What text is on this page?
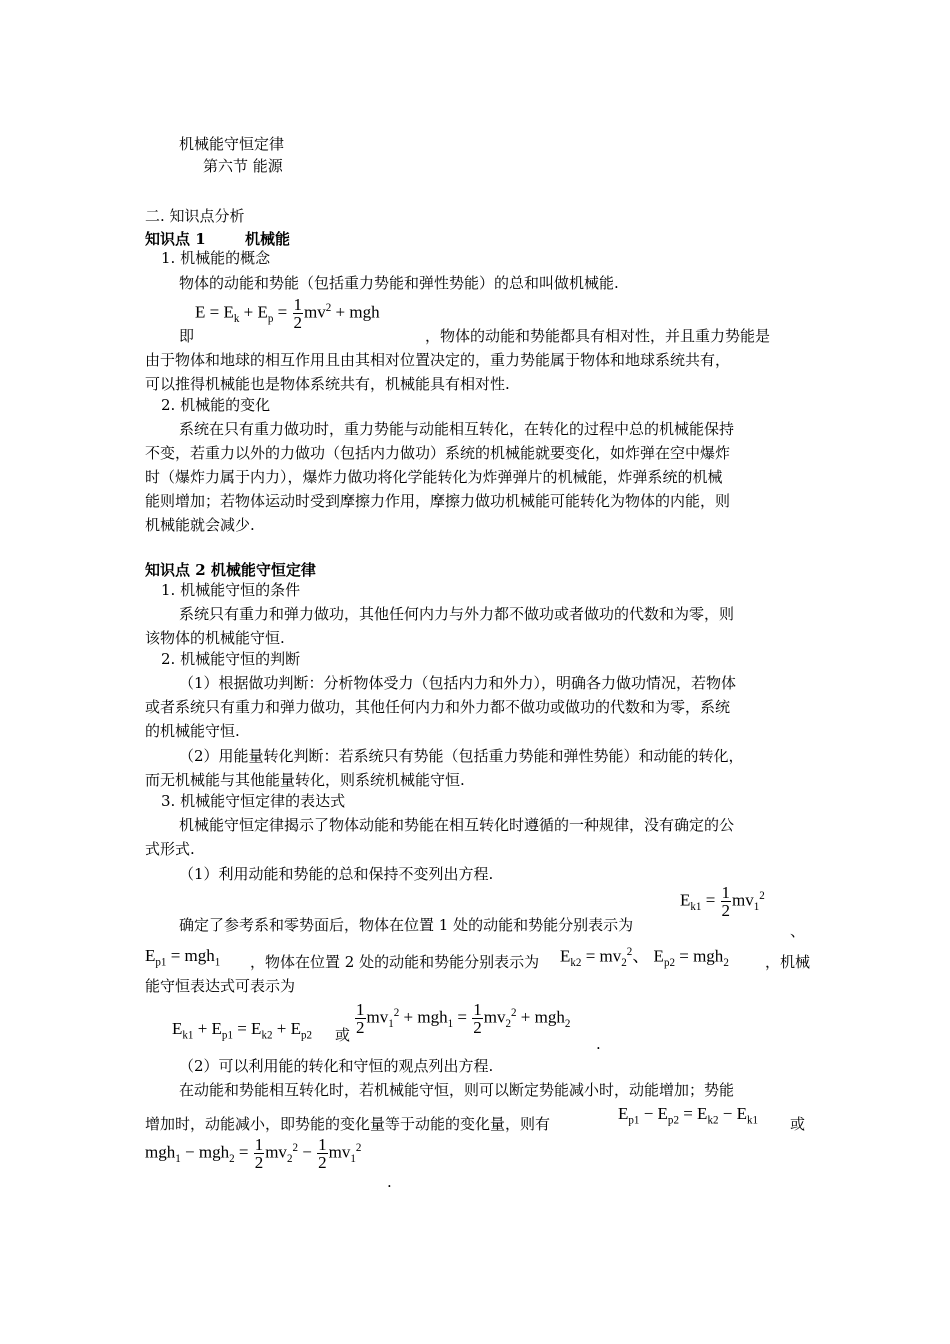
机械能守恒定律
第六节 能源
二. 知识点分析
知识点 1	机械能
1. 机械能的概念
物体的动能和势能（包括重力势能和弹性势能）的总和叫做机械能.
$E = E_k + E_p = \frac{1}{2} mv^2$ + mgh
即	，物体的动能和势能都具有相对性，并且重力势能是
由于物体和地球的相互作用且由其相对位置决定的，重力势能属于物体和地球系统共有，
可以推得机械能也是物体系统共有，机械能具有相对性.
2. 机械能的变化
系统在只有重力做功时，重力势能与动能相互转化，在转化的过程中总的机械能保持
不变，若重力以外的力做功（包括内力做功）系统的机械能就要变化，如炸弹在空中爆炸
时（爆炸力属于内力），爆炸力做功将化学能转化为炸弹弹片的机械能，炸弹系统的机械
能则增加；若物体运动时受到摩擦力作用，摩擦力做功机械能可能转化为物体的内能，则
机械能就会减少.
知识点 2 机械能守恒定律
1. 机械能守恒的条件
系统只有重力和弹力做功，其他任何内力与外力都不做功或者做功的代数和为零，则
该物体的机械能守恒.
2. 机械能守恒的判断
（1）根据做功判断：分析物体受力（包括内力和外力），明确各力做功情况，若物体
或者系统只有重力和弹力做功，其他任何内力和外力都不做功或做功的代数和为零，系统
的机械能守恒.
（2）用能量转化判断：若系统只有势能（包括重力势能和弹性势能）和动能的转化，
而无机械能与其他能量转化，则系统机械能守恒.
3. 机械能守恒定律的表达式
机械能守恒定律揭示了物体动能和势能在相互转化时遵循的一种规律，没有确定的公
式形式.
（1）利用动能和势能的总和保持不变列出方程.
$E_{k1} = \frac{1}{2} mv_1^2$
确定了参考系和零势面后，物体在位置 1 处的动能和势能分别表示为	、
$E_{p1} = mgh_1$ ，物体在位置 2 处的动能和势能分别表示为 $E_{k2} = mv_2^2$、 $E_{p2} = mgh_2$ ，机械
能守恒表达式可表示为
$E_{k1} + E_{p1} = E_{k2} + E_{p2}$ 或 $\frac{1}{2} mv_1^2 + mgh_1 = \frac{1}{2} mv_2^2 + mgh_2$
.
（2）可以利用能的转化和守恒的观点列出方程.
在动能和势能相互转化时，若机械能守恒，则可以断定势能减小时，动能增加；势能
增加时，动能减小，即势能的变化量等于动能的变化量，则有
$E_{p1} - E_{p2} = E_{k2} - E_{k1}$ 或
$mgh_1 - mgh_2 = \frac{1}{2} mv_2^2 - \frac{1}{2} mv_1^2$
.
